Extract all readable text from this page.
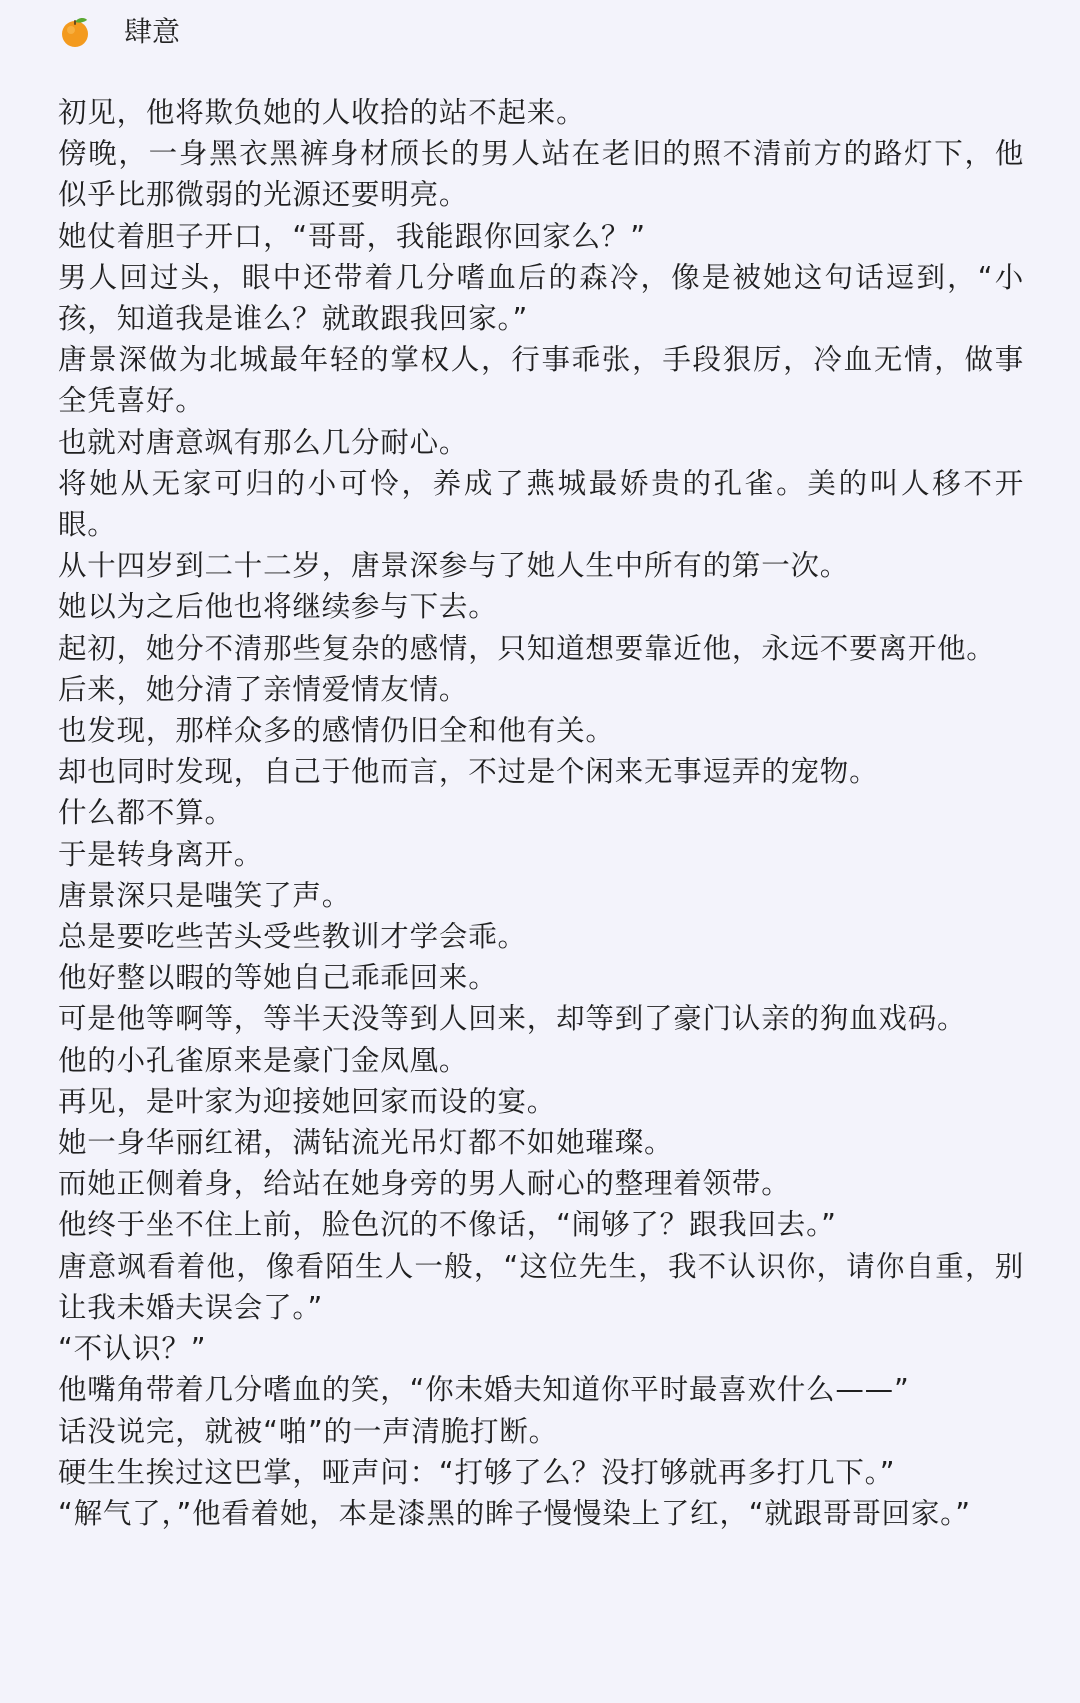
肆意

初见，他将欺负她的人收拾的站不起来。

傍晚，一身黑衣黑裤身材颀长的男人站在老旧的照不清前方的路灯下，他似乎比那微弱的光源还要明亮。

她仗着胆子开口，“哥哥，我能跟你回家么？”

男人回过头，眼中还带着几分嗜血后的森冷，像是被她这句话逗到，“小孩，知道我是谁么？就敢跟我回家。”

唐景深做为北城最年轻的掌权人，行事乖张，手段狠厉，冷血无情，做事全凭喜好。

也就对唐意飒有那么几分耐心。

将她从无家可归的小可怜，养成了燕城最娇贵的孔雀。美的叫人移不开眼。

从十四岁到二十二岁，唐景深参与了她人生中所有的第一次。

她以为之后他也将继续参与下去。

起初，她分不清那些复杂的感情，只知道想要靠近他，永远不要离开他。

后来，她分清了亲情爱情友情。

也发现，那样众多的感情仍旧全和他有关。

却也同时发现，自己于他而言，不过是个闲来无事逗弄的宠物。

什么都不算。

于是转身离开。

唐景深只是嗤笑了声。

总是要吃些苦头受些教训才学会乖。

他好整以暇的等她自己乖乖回来。

可是他等啊等，等半天没等到人回来，却等到了豪门认亲的狗血戏码。

他的小孔雀原来是豪门金凤凰。

再见，是叶家为迎接她回家而设的宴。

她一身华丽红裙，满钻流光吊灯都不如她璀璨。

而她正侧着身，给站在她身旁的男人耐心的整理着领带。

他终于坐不住上前，脸色沉的不像话，“闹够了？跟我回去。”

唐意飒看着他，像看陌生人一般，“这位先生，我不认识你，请你自重，别让我未婚夫误会了。”

“不认识？”

他嘴角带着几分嗜血的笑，“你未婚夫知道你平时最喜欢什么——”

话没说完，就被“啪”的一声清脆打断。

硬生生挨过这巴掌，哑声问：“打够了么？没打够就再多打几下。”

“解气了，”他看着她，本是漆黑的眸子慢慢染上了红，“就跟哥哥回家。”
